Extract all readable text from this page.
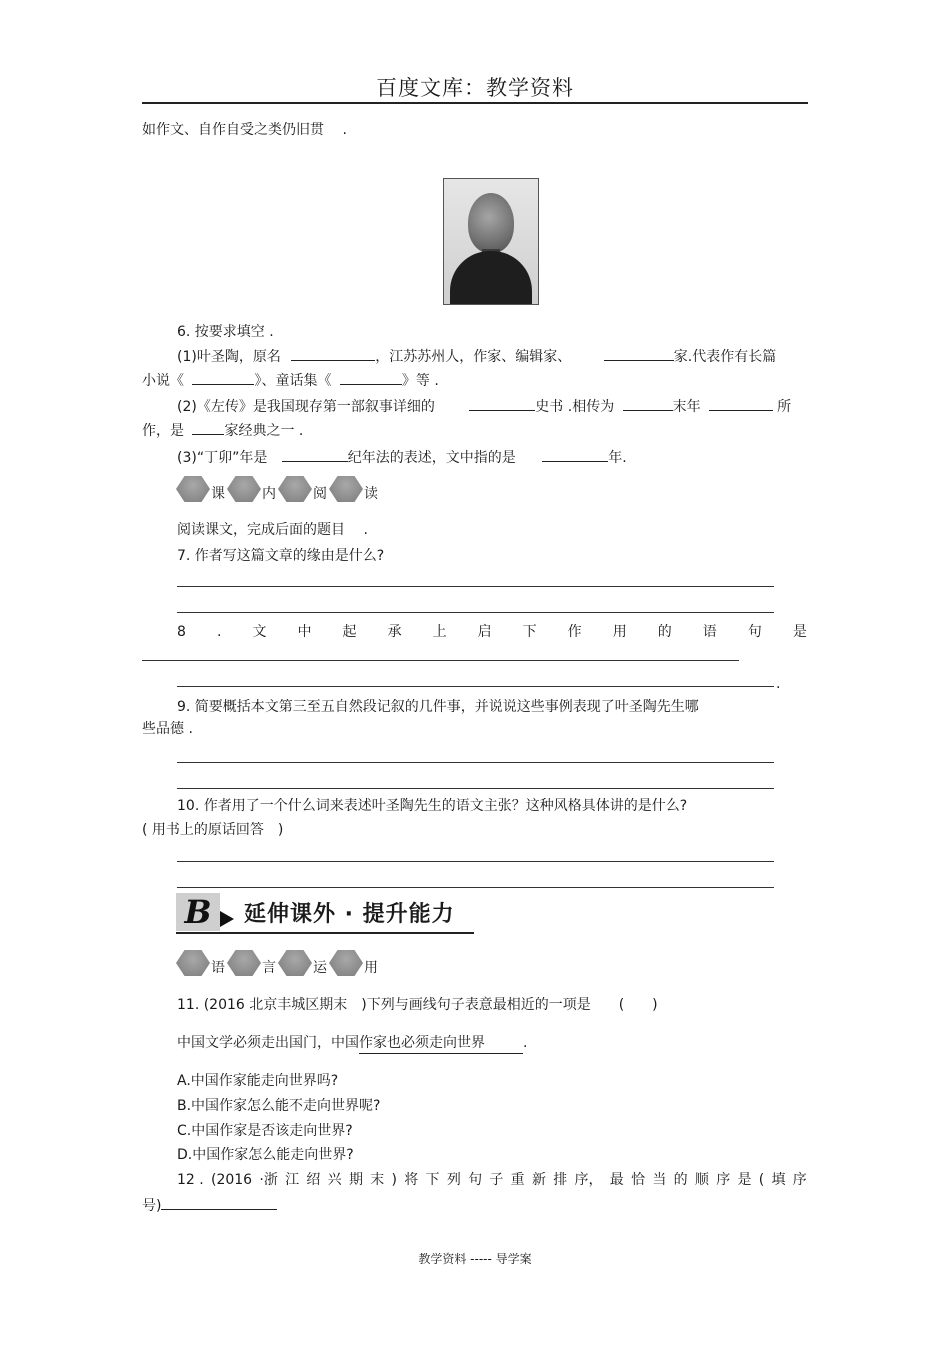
百度文库：教学资料
如作文、自作自受之类仍旧贯　 .
6. 按要求填空 .
(1)叶圣陶，原名	，江苏苏州人，作家、编辑家、	家.代表作有长篇
小说《	》、童话集《	》等 .
(2)《左传》是我国现存第一部叙事详细的	史书 .相传为	末年	所
作，是	家经典之一 .
(3)“丁卯”年是	纪年法的表述，文中指的是	年.
课	内	阅	读
阅读课文，完成后面的题目　 .
7. 作者写这篇文章的缘由是什么?
8 . 文 中 起 承 上 启 下 作 用 的 语 句 是
.
9. 简要概括本文第三至五自然段记叙的几件事，并说说这些事例表现了叶圣陶先生哪
些品德 .
10. 作者用了一个什么词来表述叶圣陶先生的语文主张？这种风格具体讲的是什么?
( 用书上的原话回答　)
B	延伸课外 · 提升能力
语	言	运	用
11. (2016 北京丰城区期末　)下列与画线句子表意最相近的一项是　　(　　)
中国文学必须走出国门，中国作家也必须走向世界	.
A.中国作家能走向世界吗?
B.中国作家怎么能不走向世界呢?
C.中国作家是否该走向世界?
D.中国作家怎么能走向世界?
12 . (2016 ·浙 江 绍 兴 期 末 ) 将 下 列 句 子 重 新 排 序， 最 恰 当 的 顺 序 是 ( 填 序
号)
教学资料 ----- 导学案
